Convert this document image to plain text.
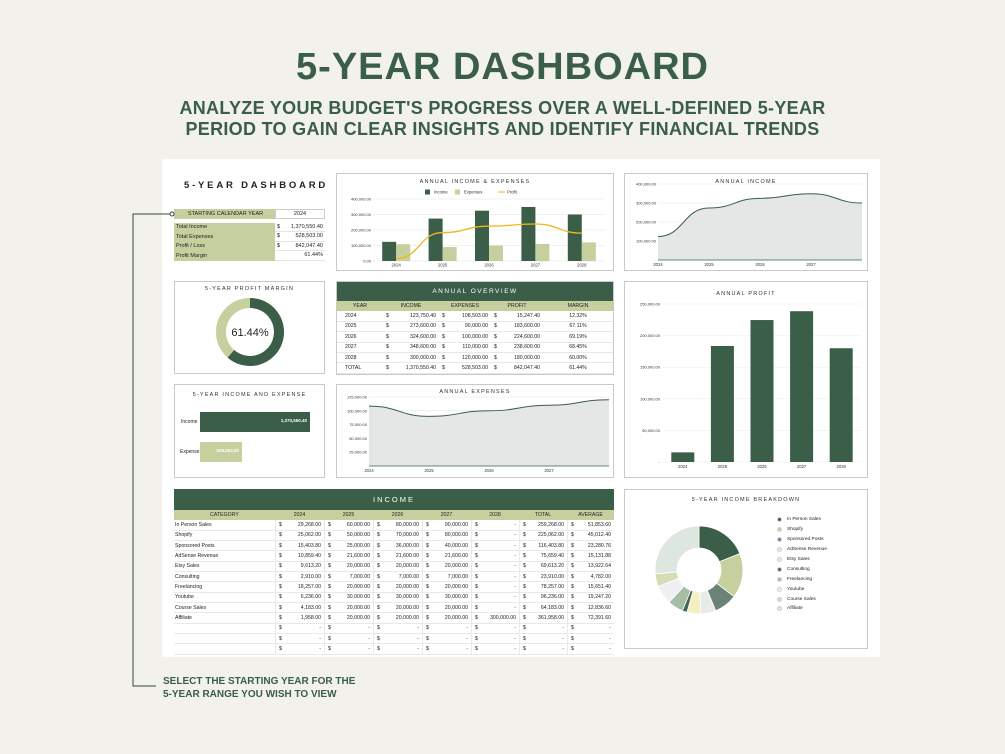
5-YEAR DASHBOARD
ANALYZE YOUR BUDGET'S PROGRESS OVER A WELL-DEFINED 5-YEAR
PERIOD TO GAIN CLEAR INSIGHTS AND IDENTIFY FINANCIAL TRENDS
5-YEAR DASHBOARD
STARTING CALENDAR YEAR	2024
Total Income	$ 1,370,550.40
Total Expenses	$	528,503.00
Profit / Loss	$	842,047.40
Profit Margin	61.44%
ANNUAL INCOME & EXPENSES
400,000.00
300,000.00
200,000.00
100,000.00
0.00
Income	Expenses	Profit
2024	2025	2026	2027	2028
ANNUAL INCOME
400,000.00
300,000.00
200,000.00
100,000.00
2024	2025	2026	2027
5-YEAR PROFIT MARGIN
61.44%
ANNUAL OVERVIEW
YEAR	INCOME	EXPENSES	PROFIT	MARGIN
2024	$	123,750.40 $	108,503.00 $	15,247.40	12.32%
2025	$	273,600.00 $	90,000.00 $	183,600.00	67.11%
2026	$	324,600.00 $	100,000.00 $	224,600.00	69.19%
2027	$	348,600.00 $	110,000.00 $	238,600.00	68.45%
2028	$	300,000.00 $	120,000.00 $	180,000.00	60.00%
TOTAL	$	1,370,550.40 $	528,503.00 $	842,047.40	61.44%
ANNUAL PROFIT
250,000.00
200,000.00
150,000.00
100,000.00
50,000.00
-
2024	2025	2026	2027	2028
5-YEAR INCOME AND EXPENSE
Income	1,370,550.40
Expense	528,503.00
ANNUAL EXPENSES
125,000.00
100,000.00
75,000.00
50,000.00
25,000.00
2024	2025	2026	2027
INCOME
CATEGORY	2024	2025	2026	2027	2028	TOTAL	AVERAGE
In Person Sales	$	29,268.00 $	60,000.00 $	80,000.00 $	90,000.00 $	- $ 259,268.00 $	51,853.60
Shopify	$	25,062.00 $	50,000.00 $	70,000.00 $	80,000.00 $	- $ 225,062.00 $	45,012.40
Sponsored Posts	$	15,403.80 $	25,000.00 $	36,000.00 $	40,000.00 $	- $ 116,403.80 $	23,280.76
AdSense Revenue	$	10,859.40 $	21,600.00 $	21,600.00 $	21,600.00 $	- $	75,659.40 $	15,131.88
Etsy Sales	$	9,613.20 $	20,000.00 $	20,000.00 $	20,000.00 $	- $	69,613.20 $	13,922.64
Consulting	$	2,910.00 $	7,000.00 $	7,000.00 $	7,000.00 $	- $	23,910.00 $	4,782.00
Freelancing	$	18,257.00 $	20,000.00 $	20,000.00 $	20,000.00 $	- $	78,257.00 $	15,651.40
Youtube	$	6,236.00 $	30,000.00 $	30,000.00 $	30,000.00 $	- $	96,236.00 $	19,247.20
Course Sales	$	4,183.00 $	20,000.00 $	20,000.00 $	20,000.00 $	- $	64,183.00 $	12,836.60
Affiliate	$	1,958.00 $	20,000.00 $	20,000.00 $	20,000.00 $ 300,000.00 $ 361,958.00 $	72,391.60
$	- $	- $	- $	- $	- $	- $	-
$	- $	- $	- $	- $	- $	- $	-
$	- $	- $	- $	- $	- $	- $	-
5-YEAR INCOME BREAKDOWN
In Person Sales
Shopify
Sponsored Posts
AdSense Revenue
Etsy Sales
Consulting
Freelancing
Youtube
Course Sales
Affiliate
SELECT THE STARTING YEAR FOR THE
5-YEAR RANGE YOU WISH TO VIEW
